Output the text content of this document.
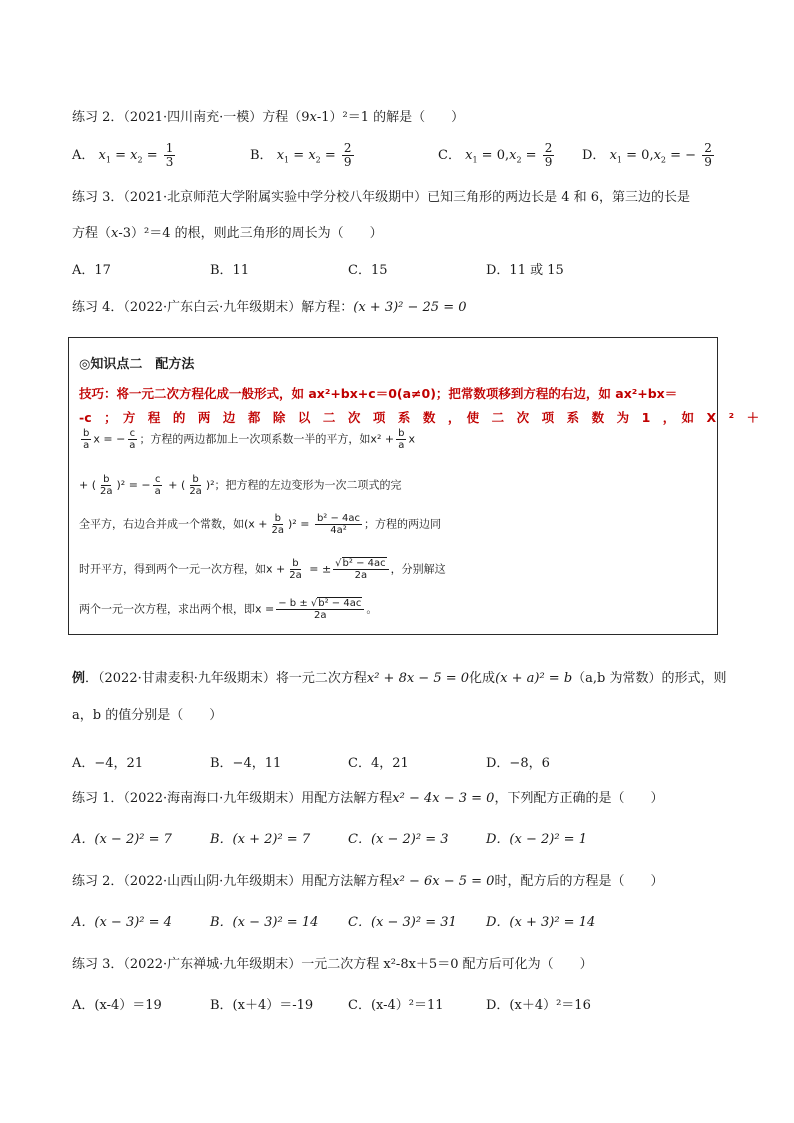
练习 2．（2021·四川南充·一模）方程（9x-1）²＝1 的解是（　　）
A． $x_1 = x_2 = \frac{1}{3}$	B． $x_1 = x_2 = \frac{2}{9}$	C． $x_1 = 0,x_2 = \frac{2}{9}$ D． $x_1 = 0,x_2$ = − $\frac{2}{9}$
练习 3．（2021·北京师范大学附属实验中学分校八年级期中）已知三角形的两边长是 4 和 6，第三边的长是
方程（x-3）²＝4 的根，则此三角形的周长为（　　）
A．17	B．11	C．15	D．11 或 15
练习 4．（2022·广东白云·九年级期末）解方程：(x + 3)² − 25 = 0
◎知识点二　配方法
技巧：将一元二次方程化成一般形式，如 ax²+bx+c＝0(a≠0)；把常数项移到方程的右边，如 ax²+bx＝
-c　；　方　程　的　两　边　都　除　以　二　次　项　系　数　，　使　二　次　项　系　数　为　1　，　如　X　²　＋
$\frac{b}{a}$ x = − $\frac{c}{a}$ ；方程的两边都加上一次项系数一半的平方，如$x^2 + \frac{b}{a}$ x
+ ( $\frac{b}{2a} )^2$ = − $\frac{c}{a}$ + ( $\frac{b}{2a} )^2$；把方程的左边变形为一次二项式的完
全平方，右边合并成一个常数，如$(x + \frac{b}{2a} )^2 = \frac{\text{b² − 4ac}}{\text{4a²}}$ ；方程的两边同
时开平方，得到两个一元一次方程，如$x + \frac{b}{2a}$ = ± $\frac{\text{√b² − 4ac}}{2a}$ ，分别解这
两个一元一次方程，求出两个根，即$x = \frac{\text{− b ± √b² − 4ac}}{2a}$ 。
例．（2022·甘肃麦积·九年级期末）将一元二次方程x² + 8x − 5 = 0化成(x + a)² = b（a,b 为常数）的形式，则
a，b 的值分别是（　　）
A．−4，21	B．−4，11	C．4，21	D．−8，6
练习 1．（2022·海南海口·九年级期末）用配方法解方程x² − 4x − 3 = 0，下列配方正确的是（　　）
A．(x − 2)² = 7	B．(x + 2)² = 7	C．(x − 2)² = 3	D．(x − 2)² = 1
练习 2．（2022·山西山阴·九年级期末）用配方法解方程x² − 6x − 5 = 0时，配方后的方程是（　　）
A．(x − 3)² = 4	B．(x − 3)² = 14 C．(x − 3)² = 31 D．(x + 3)² = 14
练习 3．（2022·广东禅城·九年级期末）一元二次方程 x²-8x＋5＝0 配方后可化为（　　）
A．(x-4）＝19	B．(x＋4）＝-19	C．(x-4）²＝11	D．(x＋4）²＝16
